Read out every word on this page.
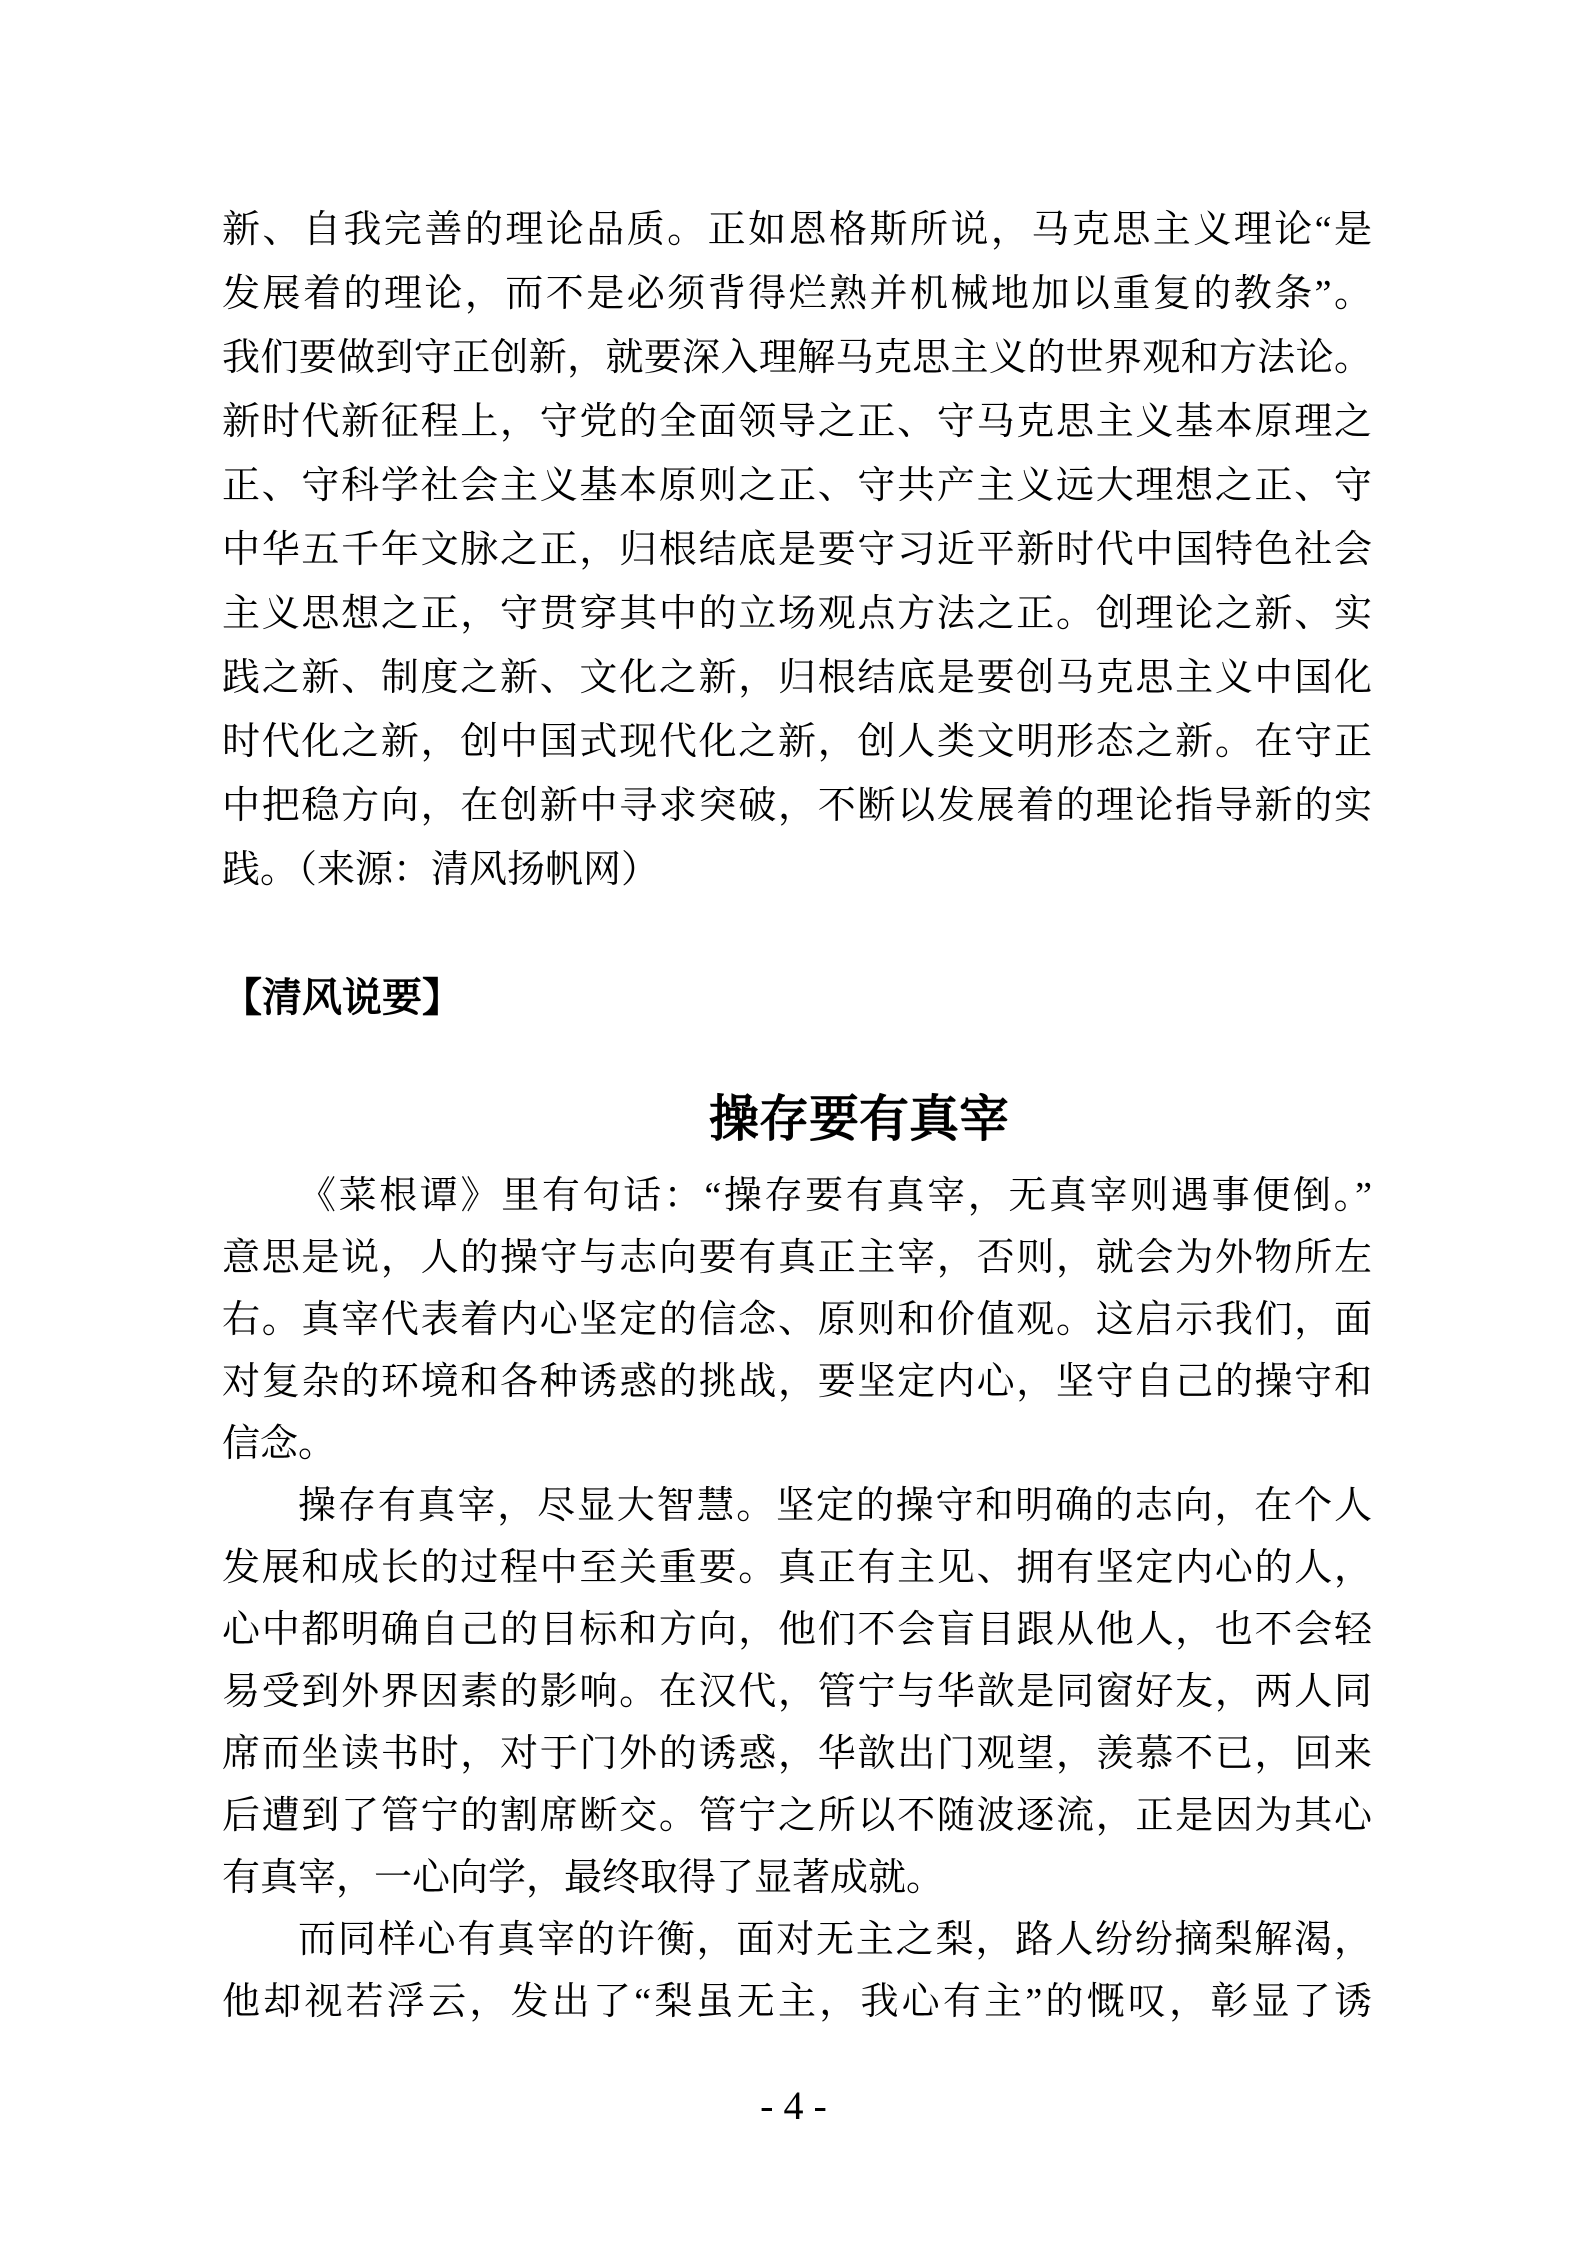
新、自我完善的理论品质。正如恩格斯所说，马克思主义理论“是
发展着的理论，而不是必须背得烂熟并机械地加以重复的教条”。
我们要做到守正创新，就要深入理解马克思主义的世界观和方法论。
新时代新征程上，守党的全面领导之正、守马克思主义基本原理之
正、守科学社会主义基本原则之正、守共产主义远大理想之正、守
中华五千年文脉之正，归根结底是要守习近平新时代中国特色社会
主义思想之正，守贯穿其中的立场观点方法之正。创理论之新、实
践之新、制度之新、文化之新，归根结底是要创马克思主义中国化
时代化之新，创中国式现代化之新，创人类文明形态之新。在守正
中把稳方向，在创新中寻求突破，不断以发展着的理论指导新的实
践。（来源：清风扬帆网）
【清风说要】
操存要有真宰
《菜根谭》里有句话：“操存要有真宰，无真宰则遇事便倒。”
意思是说，人的操守与志向要有真正主宰，否则，就会为外物所左
右。真宰代表着内心坚定的信念、原则和价值观。这启示我们，面
对复杂的环境和各种诱惑的挑战，要坚定内心，坚守自己的操守和
信念。
操存有真宰，尽显大智慧。坚定的操守和明确的志向，在个人
发展和成长的过程中至关重要。真正有主见、拥有坚定内心的人，
心中都明确自己的目标和方向，他们不会盲目跟从他人，也不会轻
易受到外界因素的影响。在汉代，管宁与华歆是同窗好友，两人同
席而坐读书时，对于门外的诱惑，华歆出门观望，羡慕不已，回来
后遭到了管宁的割席断交。管宁之所以不随波逐流，正是因为其心
有真宰，一心向学，最终取得了显著成就。
而同样心有真宰的许衡，面对无主之梨，路人纷纷摘梨解渴，
他却视若浮云，发出了“梨虽无主，我心有主”的慨叹，彰显了诱
- 4 -
